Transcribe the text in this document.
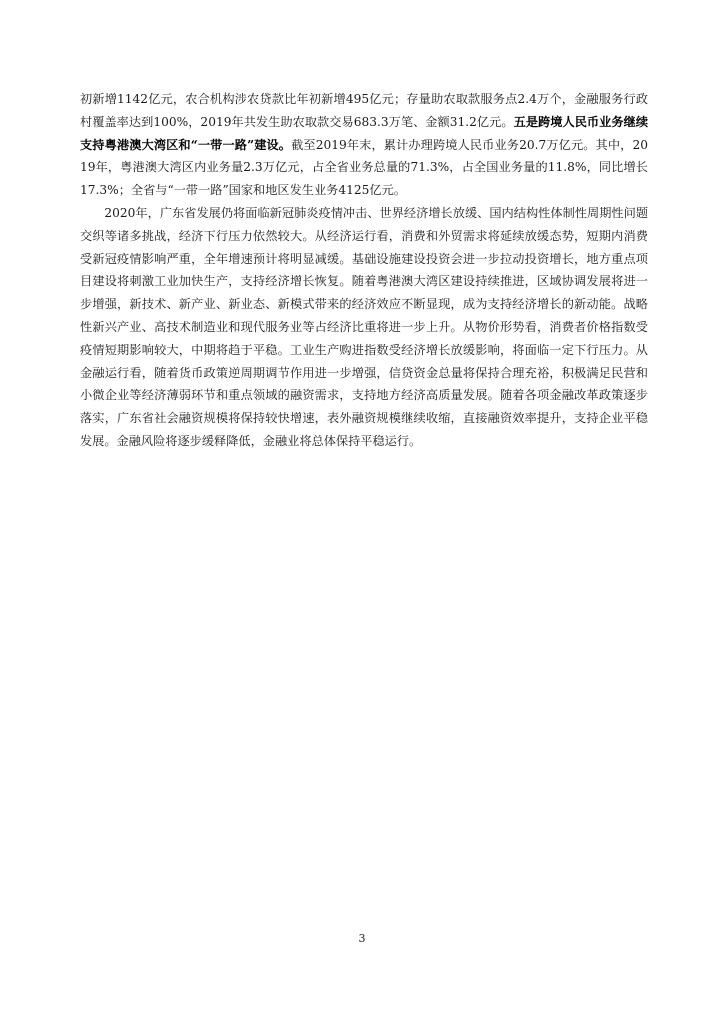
初新增1142亿元，农合机构涉农贷款比年初新增495亿元；存量助农取款服务点2.4万个，金融服务行政村覆盖率达到100%，2019年共发生助农取款交易683.3万笔、金额31.2亿元。五是跨境人民币业务继续支持粤港澳大湾区和“一带一路”建设。截至2019年末，累计办理跨境人民币业务20.7万亿元。其中，2019年，粤港澳大湾区内业务量2.3万亿元，占全省业务总量的71.3%，占全国业务量的11.8%，同比增长17.3%；全省与“一带一路”国家和地区发生业务4125亿元。

2020年，广东省发展仍将面临新冠肺炎疫情冲击、世界经济增长放缓、国内结构性体制性周期性问题交织等诸多挑战，经济下行压力依然较大。从经济运行看，消费和外贸需求将延续放缓态势，短期内消费受新冠疫情影响严重，全年增速预计将明显减缓。基础设施建设投资会进一步拉动投资增长，地方重点项目建设将刺激工业加快生产，支持经济增长恢复。随着粤港澳大湾区建设持续推进，区域协调发展将进一步增强，新技术、新产业、新业态、新模式带来的经济效应不断显现，成为支持经济增长的新动能。战略性新兴产业、高技术制造业和现代服务业等占经济比重将进一步上升。从物价形势看，消费者价格指数受疫情短期影响较大，中期将趋于平稳。工业生产购进指数受经济增长放缓影响，将面临一定下行压力。从金融运行看，随着货币政策逆周期调节作用进一步增强，信贷资金总量将保持合理充裕，积极满足民营和小微企业等经济薄弱环节和重点领域的融资需求，支持地方经济高质量发展。随着各项金融改革政策逐步落实，广东省社会融资规模将保持较快增速，表外融资规模继续收缩，直接融资效率提升，支持企业平稳发展。金融风险将逐步缓释降低，金融业将总体保持平稳运行。

3
